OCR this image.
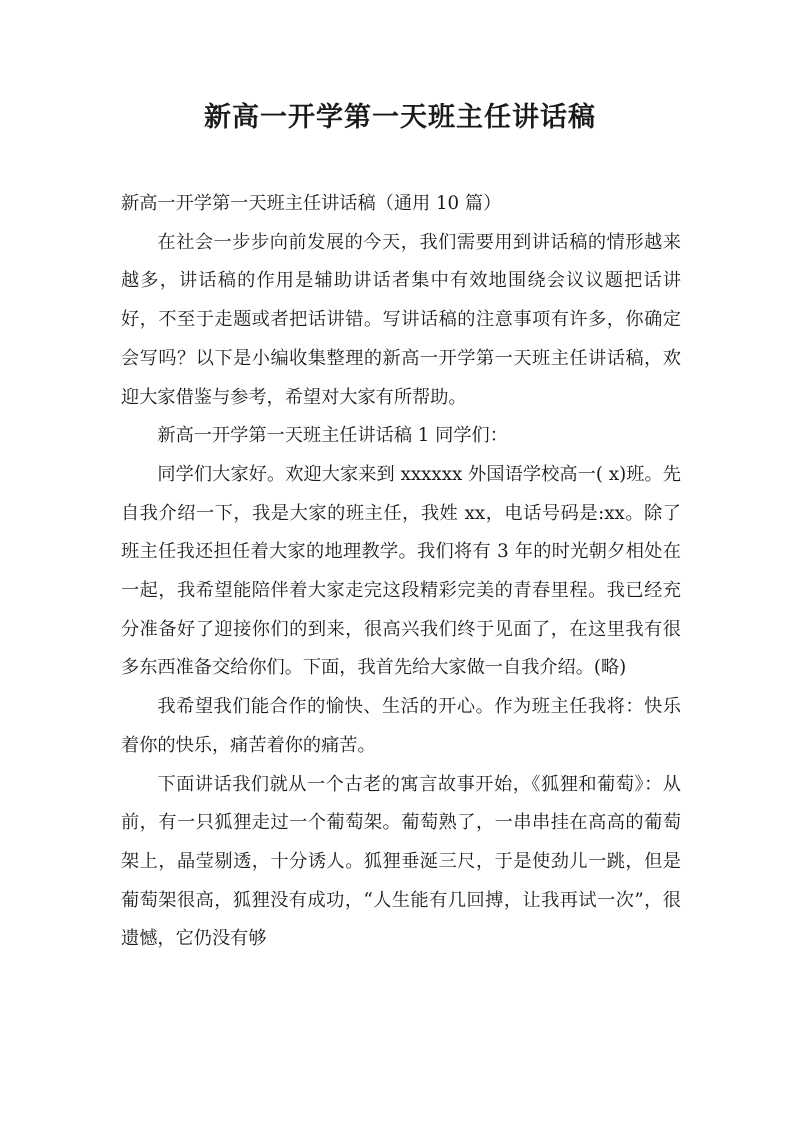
新高一开学第一天班主任讲话稿

新高一开学第一天班主任讲话稿（通用 10 篇）

在社会一步步向前发展的今天，我们需要用到讲话稿的情形越来越多，讲话稿的作用是辅助讲话者集中有效地围绕会议议题把话讲好，不至于走题或者把话讲错。写讲话稿的注意事项有许多，你确定会写吗？以下是小编收集整理的新高一开学第一天班主任讲话稿，欢迎大家借鉴与参考，希望对大家有所帮助。

新高一开学第一天班主任讲话稿 1 同学们：

同学们大家好。欢迎大家来到 xxxxxx 外国语学校高一( x)班。先自我介绍一下，我是大家的班主任，我姓 xx，电话号码是:xx。除了班主任我还担任着大家的地理教学。我们将有 3 年的时光朝夕相处在一起，我希望能陪伴着大家走完这段精彩完美的青春里程。我已经充分准备好了迎接你们的到来，很高兴我们终于见面了，在这里我有很多东西准备交给你们。下面，我首先给大家做一自我介绍。(略)

我希望我们能合作的愉快、生活的开心。作为班主任我将：快乐着你的快乐，痛苦着你的痛苦。

下面讲话我们就从一个古老的寓言故事开始，《狐狸和葡萄》：从前，有一只狐狸走过一个葡萄架。葡萄熟了，一串串挂在高高的葡萄架上，晶莹剔透，十分诱人。狐狸垂涎三尺，于是使劲儿一跳，但是葡萄架很高，狐狸没有成功，“人生能有几回搏，让我再试一次”，很遗憾，它仍没有够
